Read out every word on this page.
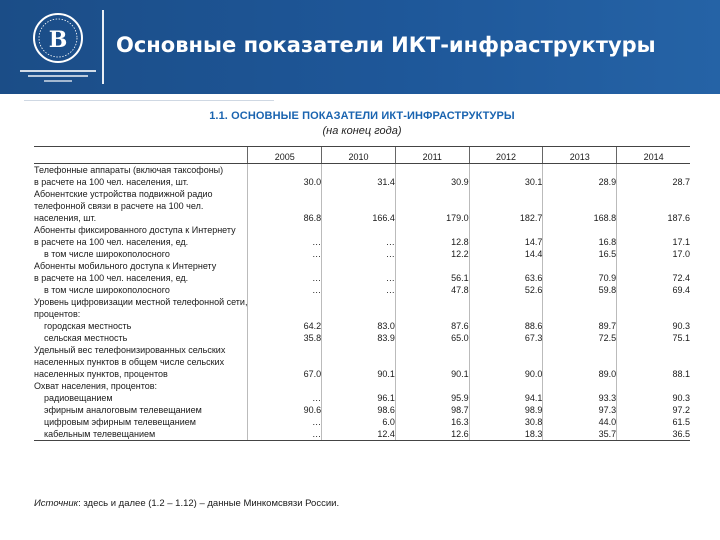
В Основные показатели ИКТ-инфраструктуры
1.1. ОСНОВНЫЕ ПОКАЗАТЕЛИ ИКТ-ИНФРАСТРУКТУРЫ
(на конец года)
	2005	2010	2011	2012	2013	2014
Телефонные аппараты (включая таксофоны)						
в расчете на 100 чел. населения, шт.	30.0	31.4	30.9	30.1	28.9	28.7
Абонентские устройства подвижной радио						
телефонной связи в расчете на 100 чел.						
населения, шт.	86.8	166.4	179.0	182.7	168.8	187.6
Абоненты фиксированного доступа к Интернету						
в расчете на 100 чел. населения, ед.	…	…	12.8	14.7	16.8	17.1
в том числе широкополосного	…	…	12.2	14.4	16.5	17.0
Абоненты мобильного доступа к Интернету						
в расчете на 100 чел. населения, ед.	…	…	56.1	63.6	70.9	72.4
в том числе широкополосного	…	…	47.8	52.6	59.8	69.4
Уровень цифровизации местной телефонной сети,						
процентов:						
городская местность	64.2	83.0	87.6	88.6	89.7	90.3
сельская местность	35.8	83.9	65.0	67.3	72.5	75.1
Удельный вес телефонизированных сельских						
населенных пунктов в общем числе сельских						
населенных пунктов, процентов	67.0	90.1	90.1	90.0	89.0	88.1
Охват населения, процентов:						
радиовещанием	…	96.1	95.9	94.1	93.3	90.3
эфирным аналоговым телевещанием	90.6	98.6	98.7	98.9	97.3	97.2
цифровым эфирным телевещанием	…	6.0	16.3	30.8	44.0	61.5
кабельным телевещанием	…	12.4	12.6	18.3	35.7	36.5
Источник: здесь и далее (1.2 – 1.12) – данные Минкомсвязи России.
